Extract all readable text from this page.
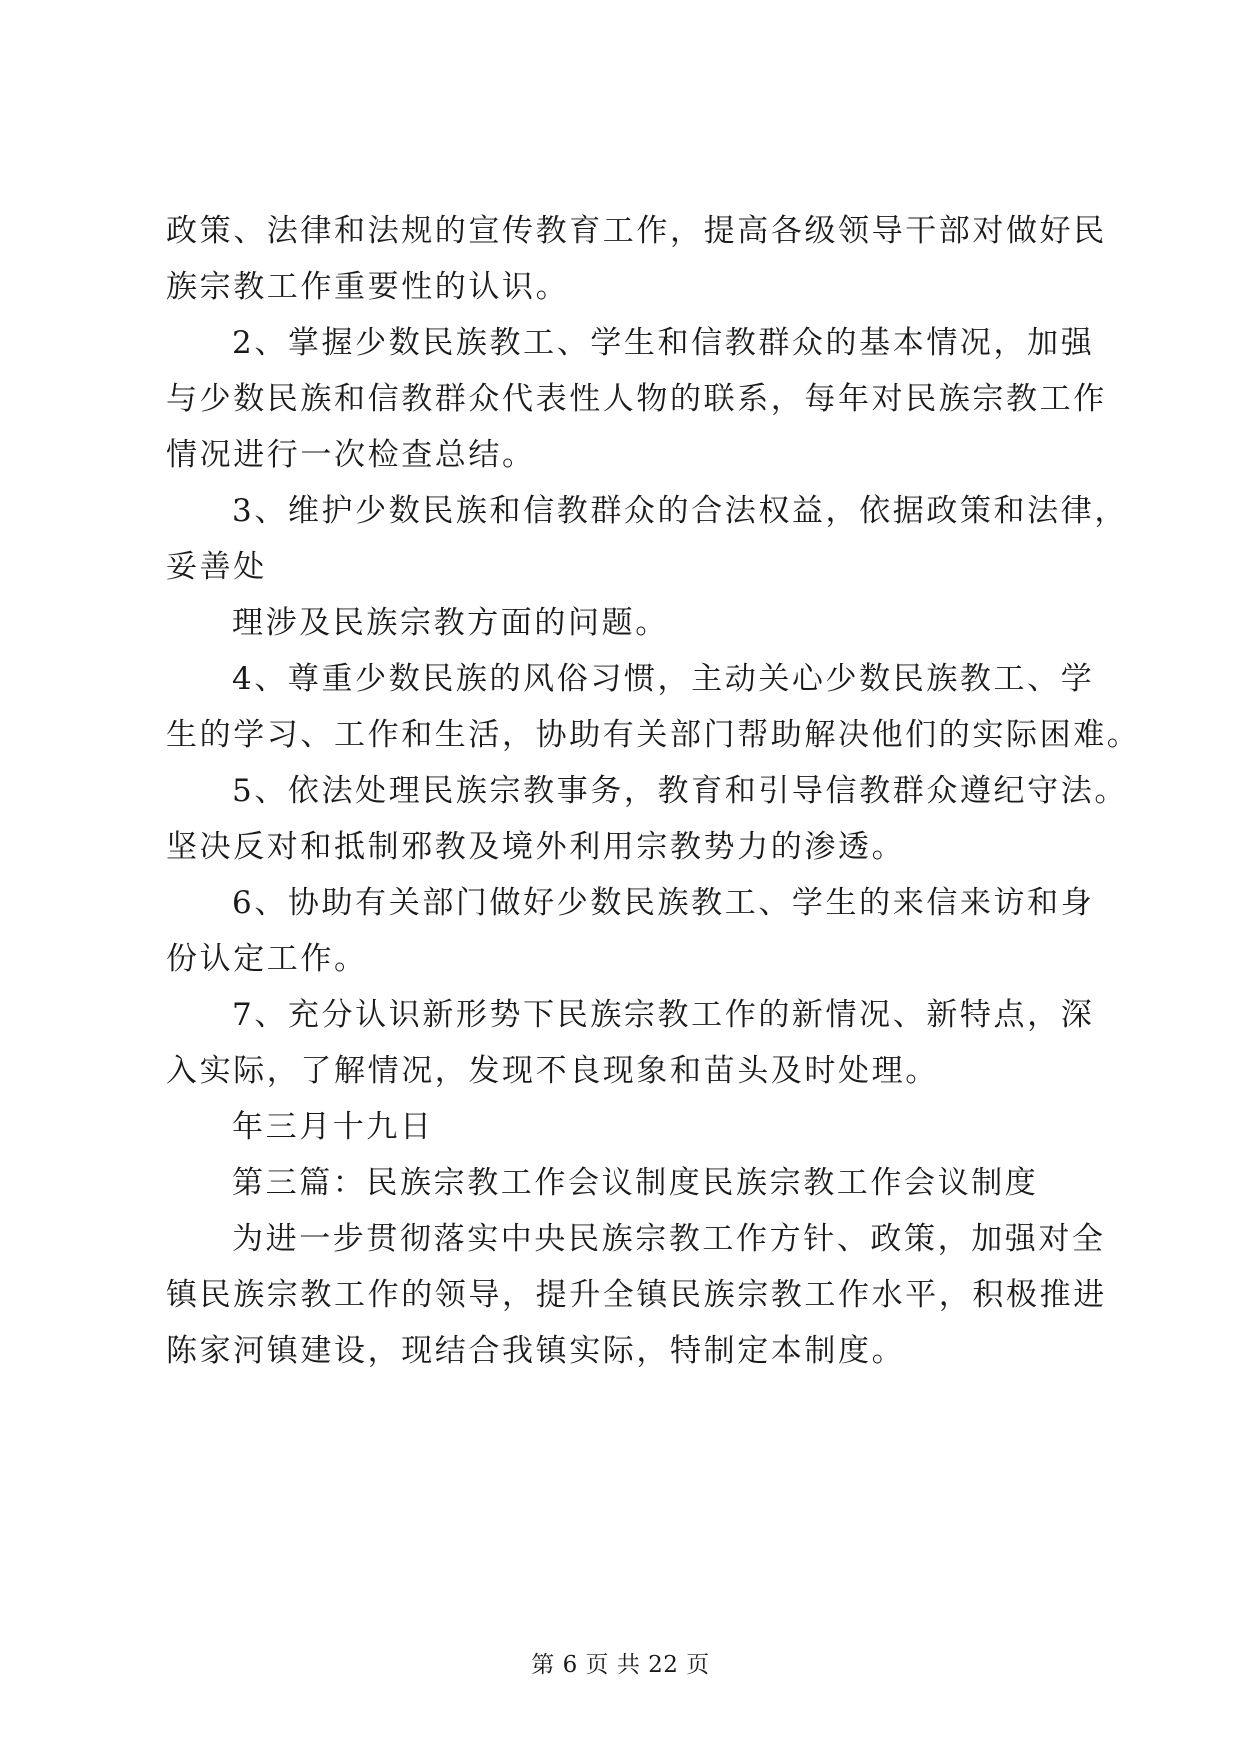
政策、法律和法规的宣传教育工作，提高各级领导干部对做好民
族宗教工作重要性的认识。
2、掌握少数民族教工、学生和信教群众的基本情况，加强
与少数民族和信教群众代表性人物的联系，每年对民族宗教工作
情况进行一次检查总结。
3、维护少数民族和信教群众的合法权益，依据政策和法律，
妥善处
理涉及民族宗教方面的问题。
4、尊重少数民族的风俗习惯，主动关心少数民族教工、学
生的学习、工作和生活，协助有关部门帮助解决他们的实际困难。
5、依法处理民族宗教事务，教育和引导信教群众遵纪守法。
坚决反对和抵制邪教及境外利用宗教势力的渗透。
6、协助有关部门做好少数民族教工、学生的来信来访和身
份认定工作。
7、充分认识新形势下民族宗教工作的新情况、新特点，深
入实际，了解情况，发现不良现象和苗头及时处理。
年三月十九日
第三篇：民族宗教工作会议制度民族宗教工作会议制度
为进一步贯彻落实中央民族宗教工作方针、政策，加强对全
镇民族宗教工作的领导，提升全镇民族宗教工作水平，积极推进
陈家河镇建设，现结合我镇实际，特制定本制度。
第 6 页 共 22 页
